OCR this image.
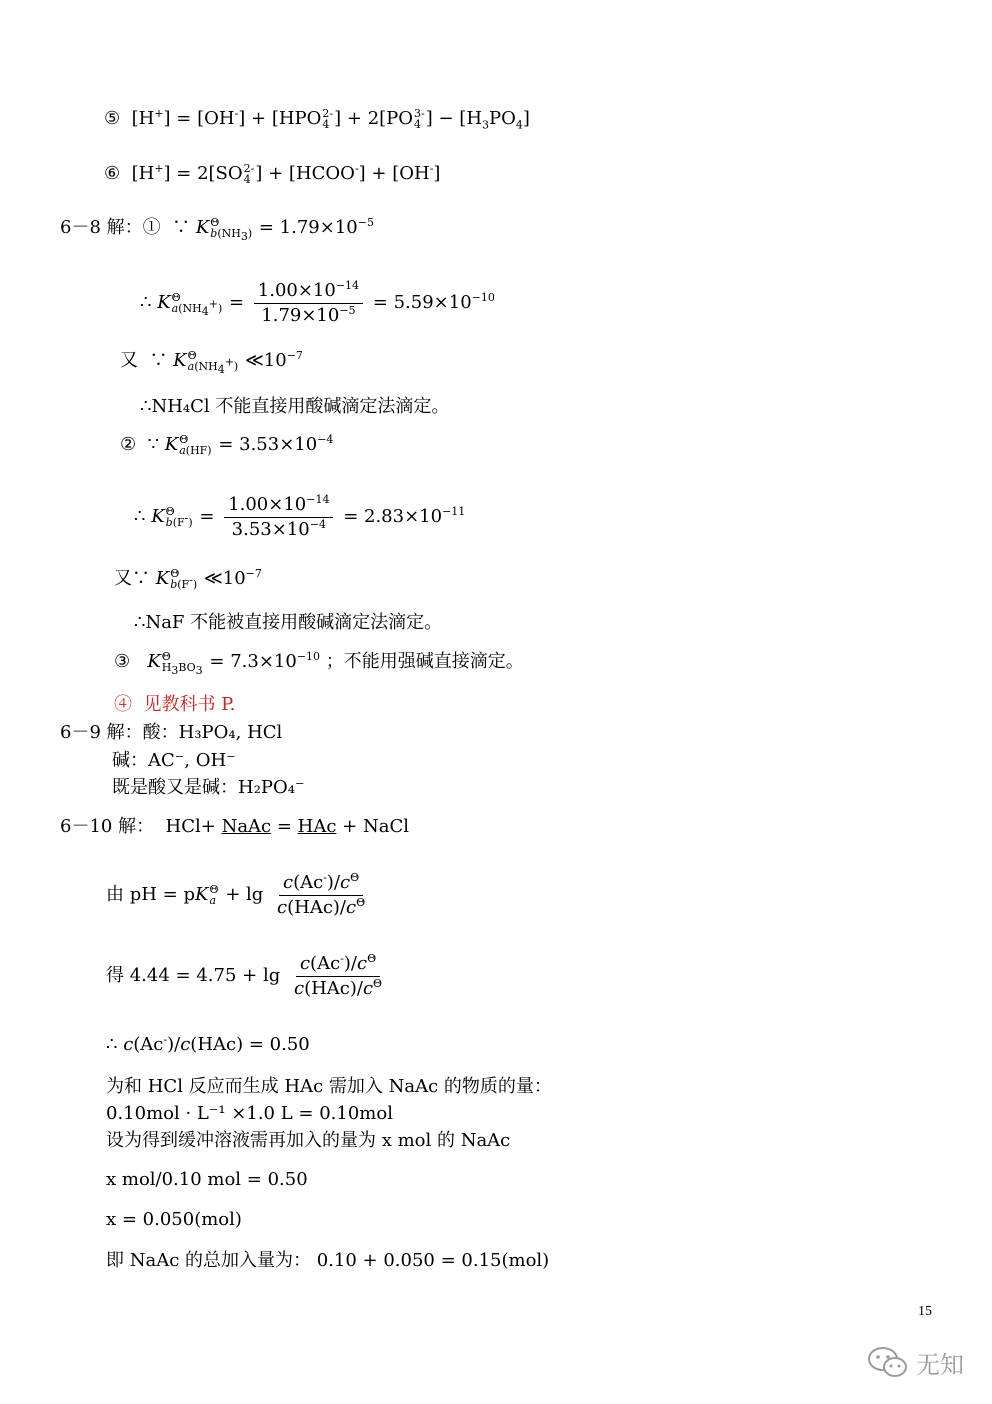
⑤  [H+] = [OH-] + [HPO 2-
4 ] + 2[PO 3-
4 ] − $[H_3PO_4]$
⑥  [H+] = 2[SO 2-
4 ] + [HCOO-] + [OH-]
6－8 解：①  ∵ K Θ
$b(NH_3) = 1.79\times 10^{-5}$
∴ K Θ
$a(NH_4^+) = \frac{1.00\times 10^{-14}}{1.79\times 10^{-5}} = 5.59\times 10^{-10}$
又  ∵ K Θ
$a(NH_4^+)$ $≪10^{-7}$
∴NH₄Cl 不能直接用酸碱滴定法滴定。
②  ∵ K Θ
$a(HF) = 3.53\times 10^{-4}$
∴ K Θ
$b(F^-) = \frac{1.00\times 10^{-14}}{3.53\times 10^{-4}} = 2.83\times 10^{-11}$
又∵ K Θ
b(F-) $≪10^{-7}$
∴NaF 不能被直接用酸碱滴定法滴定。
③ K Θ
$H_3BO_3 = 7.3\times 10^{-10}$ ；不能用强碱直接滴定。
④ 见教科书 P.
6－9 解：酸：H₃PO₄, HCl
碱：AC⁻, OH⁻
既是酸又是碱：H₂PO₄⁻
6－10 解：  HCl+ NaAc = HAc + NaCl
由 pH = pK Θ
$a + \lg \frac{c(Ac^-)/c^\Theta}{c(HAc)/c^\Theta}$
得 $4.44 = 4.75 + \lg \frac{c(Ac^-)/c^\Theta}{c(HAc)/c^\Theta}$
∴ c(Ac-)/c(HAc) = 0.50
为和 HCl 反应而生成 HAc 需加入 NaAc 的物质的量：
0.10mol · L⁻¹ ×1.0 L = 0.10mol
设为得到缓冲溶液需再加入的量为 x mol 的 NaAc
x mol/0.10 mol = 0.50
x = 0.050(mol)
即 NaAc 的总加入量为： 0.10 + 0.050 = 0.15(mol)
15
无知
